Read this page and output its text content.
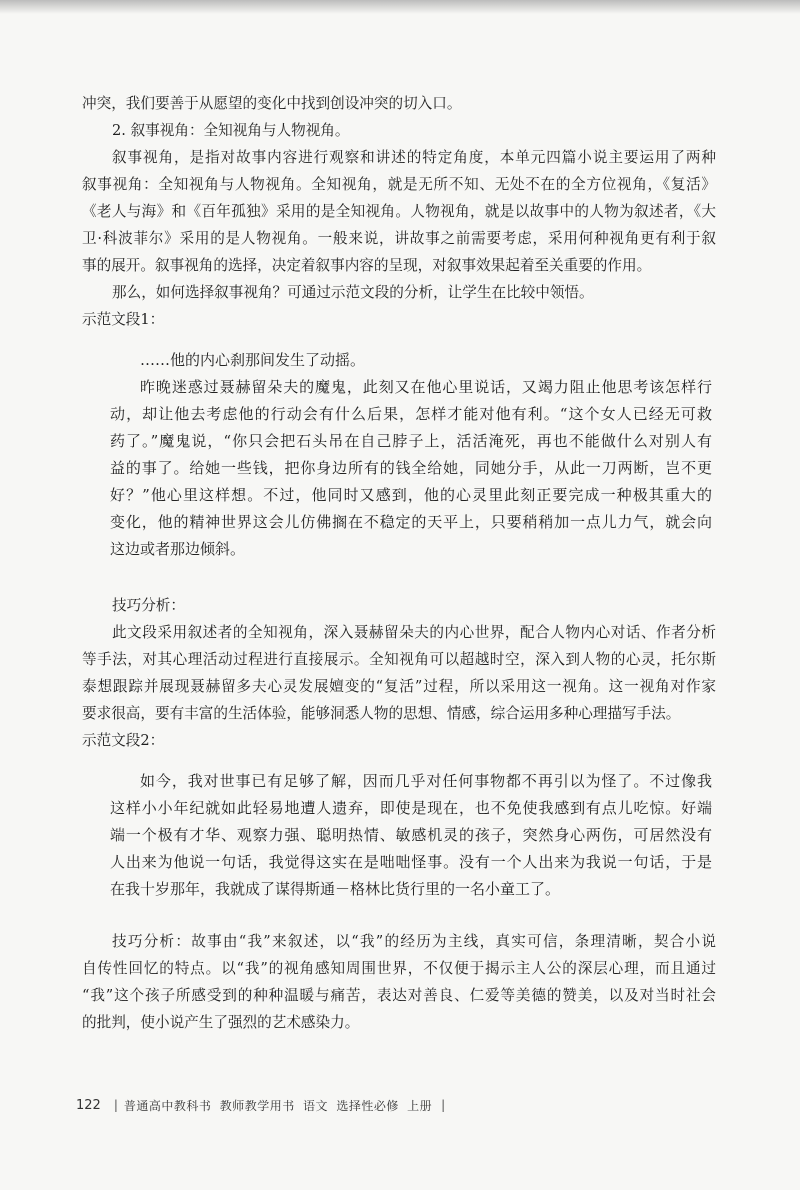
冲突，我们要善于从愿望的变化中找到创设冲突的切入口。
2. 叙事视角：全知视角与人物视角。
叙事视角，是指对故事内容进行观察和讲述的特定角度，本单元四篇小说主要运用了两种
叙事视角：全知视角与人物视角。全知视角，就是无所不知、无处不在的全方位视角，《复活》
《老人与海》和《百年孤独》采用的是全知视角。人物视角，就是以故事中的人物为叙述者，《大
卫·科波菲尔》采用的是人物视角。一般来说，讲故事之前需要考虑，采用何种视角更有利于叙
事的展开。叙事视角的选择，决定着叙事内容的呈现，对叙事效果起着至关重要的作用。
那么，如何选择叙事视角？可通过示范文段的分析，让学生在比较中领悟。
示范文段1：
……他的内心刹那间发生了动摇。
昨晚迷惑过聂赫留朵夫的魔鬼，此刻又在他心里说话，又竭力阻止他思考该怎样行
动，却让他去考虑他的行动会有什么后果，怎样才能对他有利。“这个女人已经无可救
药了。”魔鬼说，“你只会把石头吊在自己脖子上，活活淹死，再也不能做什么对别人有
益的事了。给她一些钱，把你身边所有的钱全给她，同她分手，从此一刀两断，岂不更
好？”他心里这样想。不过，他同时又感到，他的心灵里此刻正要完成一种极其重大的
变化，他的精神世界这会儿仿佛搁在不稳定的天平上，只要稍稍加一点儿力气，就会向
这边或者那边倾斜。
技巧分析：
此文段采用叙述者的全知视角，深入聂赫留朵夫的内心世界，配合人物内心对话、作者分析
等手法，对其心理活动过程进行直接展示。全知视角可以超越时空，深入到人物的心灵，托尔斯
泰想跟踪并展现聂赫留多夫心灵发展嬗变的“复活”过程，所以采用这一视角。这一视角对作家
要求很高，要有丰富的生活体验，能够洞悉人物的思想、情感，综合运用多种心理描写手法。
示范文段2：
如今，我对世事已有足够了解，因而几乎对任何事物都不再引以为怪了。不过像我
这样小小年纪就如此轻易地遭人遗弃，即使是现在，也不免使我感到有点儿吃惊。好端
端一个极有才华、观察力强、聪明热情、敏感机灵的孩子，突然身心两伤，可居然没有
人出来为他说一句话，我觉得这实在是咄咄怪事。没有一个人出来为我说一句话，于是
在我十岁那年，我就成了谋得斯通－格林比货行里的一名小童工了。
技巧分析：故事由“我”来叙述，以“我”的经历为主线，真实可信，条理清晰，契合小说
自传性回忆的特点。以“我”的视角感知周围世界，不仅便于揭示主人公的深层心理，而且通过
“我”这个孩子所感受到的种种温暖与痛苦，表达对善良、仁爱等美德的赞美，以及对当时社会
的批判，使小说产生了强烈的艺术感染力。
122 | 普通高中教科书 教师教学用书 语文 选择性必修 上册 |
